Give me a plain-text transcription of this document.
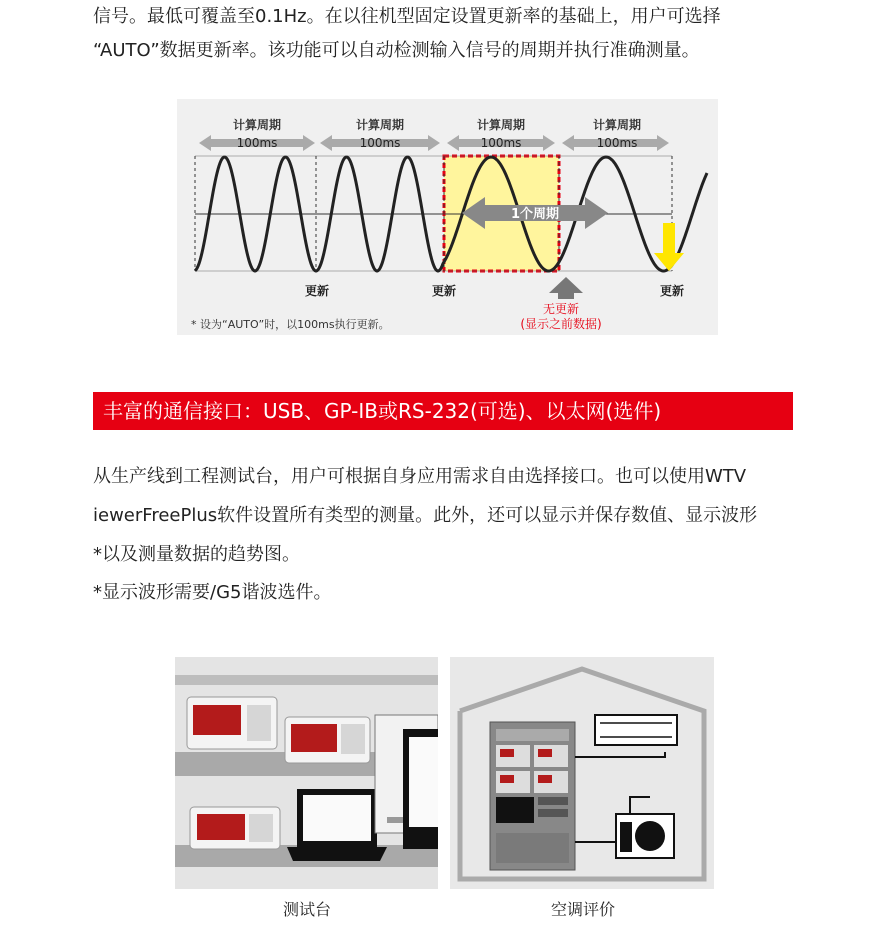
信号。最低可覆盖至0.1Hz。在以往机型固定设置更新率的基础上，用户可选择
“AUTO”数据更新率。该功能可以自动检测输入信号的周期并执行准确测量。
计算周期
100ms
计算周期
100ms
计算周期
100ms
计算周期
100ms
1个周期
更新	更新	更新
无更新
(显示之前数据)
* 设为“AUTO”时，以100ms执行更新。
丰富的通信接口：USB、GP-IB或RS-232(可选)、以太网(选件)
从生产线到工程测试台，用户可根据自身应用需求自由选择接口。也可以使用WTV
iewerFreePlus软件设置所有类型的测量。此外，还可以显示并保存数值、显示波形
*以及测量数据的趋势图。
*显示波形需要/G5谐波选件。
测试台	空调评价
